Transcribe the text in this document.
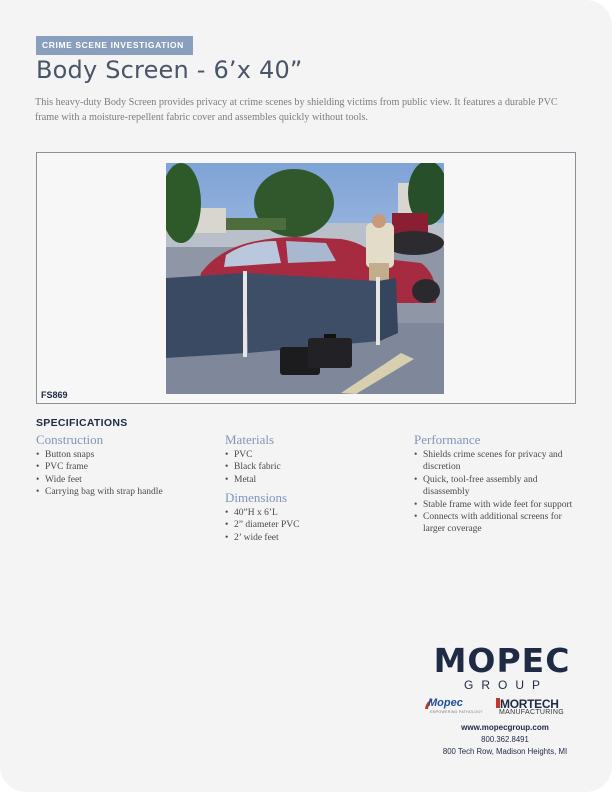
CRIME SCENE INVESTIGATION
Body Screen - 6’x 40”

This heavy-duty Body Screen provides privacy at crime scenes by shielding victims from public view. It features a durable PVC frame with a moisture-repellent fabric cover and assembles quickly without tools.

FS869
SPECIFICATIONS
Construction
• Button snaps
• PVC frame
• Wide feet
• Carrying bag with strap handle
Materials
• PVC
• Black fabric
• Metal
Dimensions
• 40”H x 6’L
• 2” diameter PVC
• 2’ wide feet
Performance
• Shields crime scenes for privacy and discretion
• Quick, tool-free assembly and disassembly
• Stable frame with wide feet for support
• Connects with additional screens for larger coverage
MOPEC
GROUP
Mopec
EMPOWERING PATHOLOGY
MORTECH
MANUFACTURING
www.mopecgroup.com
800.362.8491
800 Tech Row, Madison Heights, MI
